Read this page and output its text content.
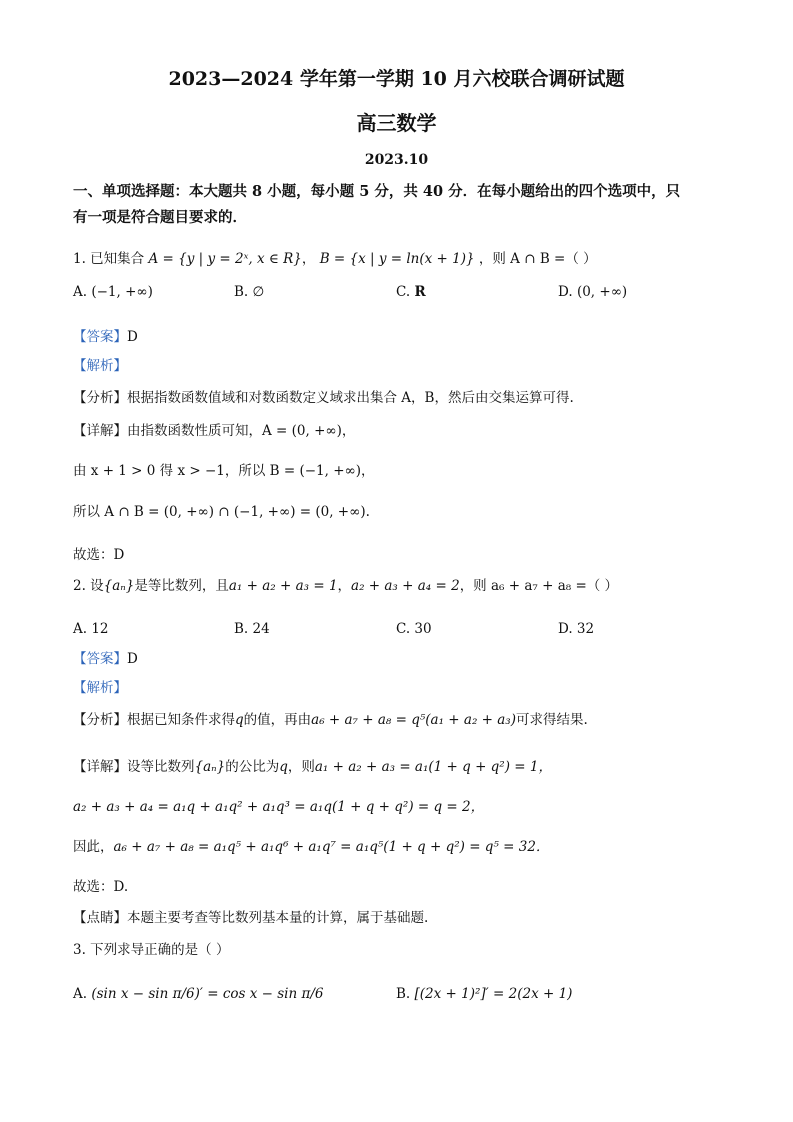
2023—2024 学年第一学期 10 月六校联合调研试题
高三数学
2023.10
一、单项选择题：本大题共 8 小题，每小题 5 分，共 40 分．在每小题给出的四个选项中，只
有一项是符合题目要求的．
1. 已知集合 A = {y | y = 2ˣ, x ∈ R}， B = {x | y = ln(x + 1)} ，则 A ∩ B =（ ）
A. (−1, +∞)	B. ∅	C. R	D. (0, +∞)
【答案】D
【解析】
【分析】根据指数函数值域和对数函数定义域求出集合 A，B，然后由交集运算可得.
【详解】由指数函数性质可知，A = (0, +∞)，
由 x + 1 > 0 得 x > −1，所以 B = (−1, +∞)，
所以 A ∩ B = (0, +∞) ∩ (−1, +∞) = (0, +∞).
故选：D
2. 设{aₙ}是等比数列，且a₁ + a₂ + a₃ = 1，a₂ + a₃ + a₄ = 2，则 a₆ + a₇ + a₈ =（ ）
A. 12	B. 24	C. 30	D. 32
【答案】D
【解析】
【分析】根据已知条件求得q的值，再由a₆ + a₇ + a₈ = q⁵(a₁ + a₂ + a₃)可求得结果.
【详解】设等比数列{aₙ}的公比为q，则a₁ + a₂ + a₃ = a₁(1 + q + q²) = 1，
a₂ + a₃ + a₄ = a₁q + a₁q² + a₁q³ = a₁q(1 + q + q²) = q = 2，
因此，a₆ + a₇ + a₈ = a₁q⁵ + a₁q⁶ + a₁q⁷ = a₁q⁵(1 + q + q²) = q⁵ = 32．
故选：D.
【点睛】本题主要考查等比数列基本量的计算，属于基础题.
3. 下列求导正确的是（ ）
A. (sin x − sin π/6)′ = cos x − sin π/6	B. [(2x + 1)²]′ = 2(2x + 1)
